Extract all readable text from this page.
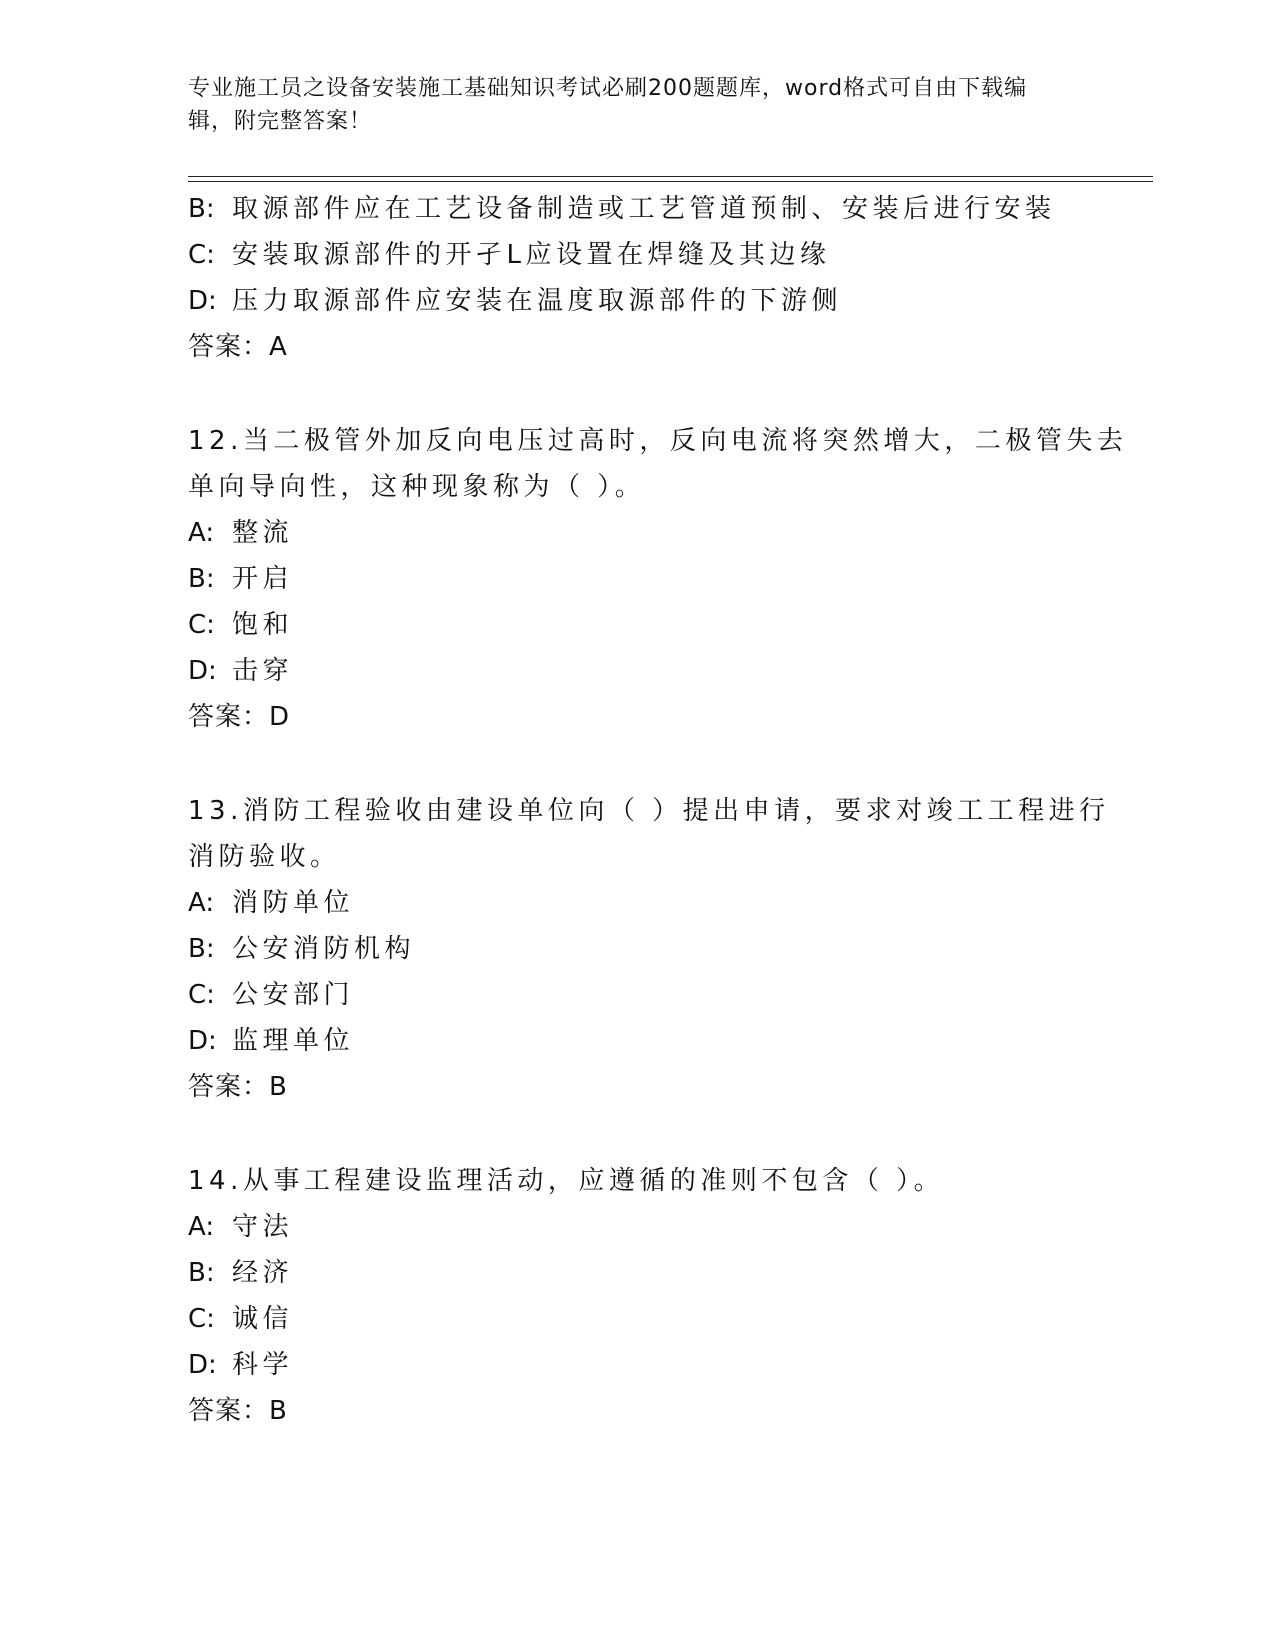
专业施工员之设备安装施工基础知识考试必刷200题题库，word格式可自由下载编辑，附完整答案！
B: 取源部件应在工艺设备制造或工艺管道预制、安装后进行安装
C: 安装取源部件的开孑L应设置在焊缝及其边缘
D: 压力取源部件应安装在温度取源部件的下游侧
答案：A
12.当二极管外加反向电压过高时，反向电流将突然增大，二极管失去
单向导向性，这种现象称为（ ）。
A: 整流
B: 开启
C: 饱和
D: 击穿
答案：D
13.消防工程验收由建设单位向（ ）提出申请，要求对竣工工程进行
消防验收。
A: 消防单位
B: 公安消防机构
C: 公安部门
D: 监理单位
答案：B
14.从事工程建设监理活动，应遵循的准则不包含（ ）。
A: 守法
B: 经济
C: 诚信
D: 科学
答案：B
